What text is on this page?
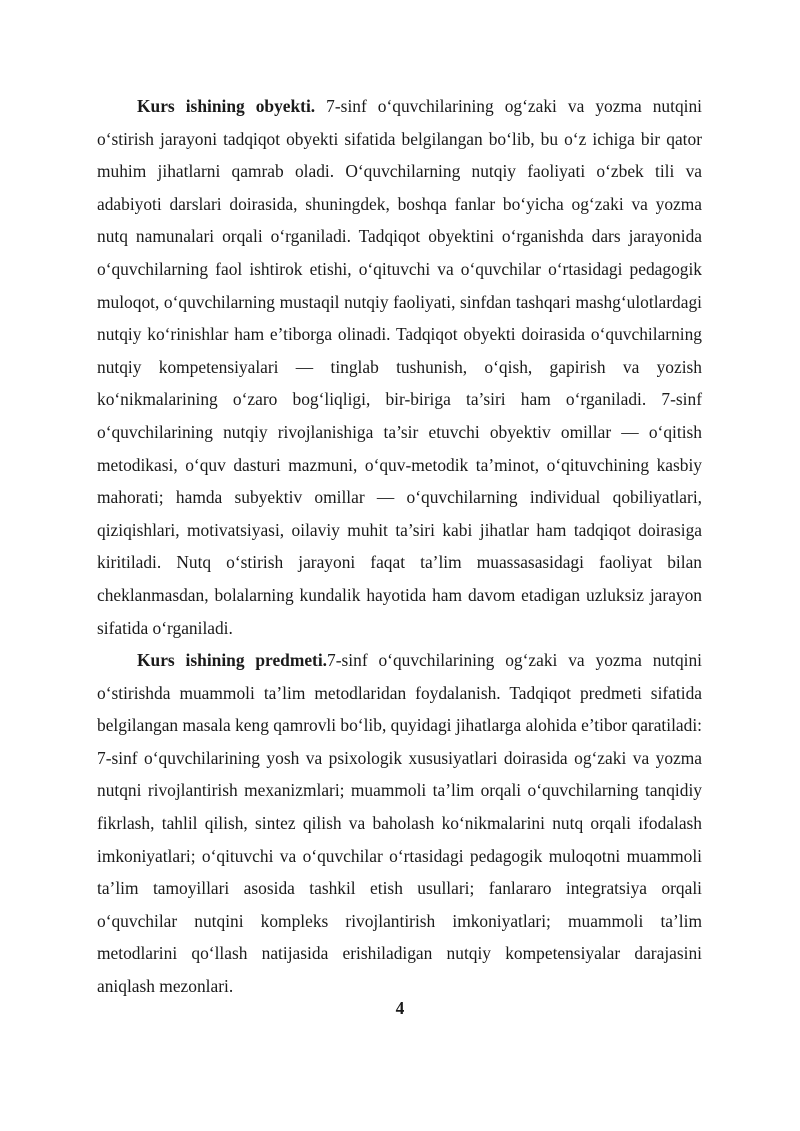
Kurs ishining obyekti. 7-sinf o‘quvchilarining og‘zaki va yozma nutqini o‘stirish jarayoni tadqiqot obyekti sifatida belgilangan bo‘lib, bu o‘z ichiga bir qator muhim jihatlarni qamrab oladi. O‘quvchilarning nutqiy faoliyati o‘zbek tili va adabiyoti darslari doirasida, shuningdek, boshqa fanlar bo‘yicha og‘zaki va yozma nutq namunalari orqali o‘rganiladi. Tadqiqot obyektini o‘rganishda dars jarayonida o‘quvchilarning faol ishtirok etishi, o‘qituvchi va o‘quvchilar o‘rtasidagi pedagogik muloqot, o‘quvchilarning mustaqil nutqiy faoliyati, sinfdan tashqari mashg‘ulotlardagi nutqiy ko‘rinishlar ham e’tiborga olinadi. Tadqiqot obyekti doirasida o‘quvchilarning nutqiy kompetensiyalari — tinglab tushunish, o‘qish, gapirish va yozish ko‘nikmalarining o‘zaro bog‘liqligi, bir-biriga ta’siri ham o‘rganiladi. 7-sinf o‘quvchilarining nutqiy rivojlanishiga ta’sir etuvchi obyektiv omillar — o‘qitish metodikasi, o‘quv dasturi mazmuni, o‘quv-metodik ta’minot, o‘qituvchining kasbiy mahorati; hamda subyektiv omillar — o‘quvchilarning individual qobiliyatlari, qiziqishlari, motivatsiyasi, oilaviy muhit ta’siri kabi jihatlar ham tadqiqot doirasiga kiritiladi. Nutq o‘stirish jarayoni faqat ta’lim muassasasidagi faoliyat bilan cheklanmasdan, bolalarning kundalik hayotida ham davom etadigan uzluksiz jarayon sifatida o‘rganiladi.

Kurs ishining predmeti.7-sinf o‘quvchilarining og‘zaki va yozma nutqini o‘stirishda muammoli ta’lim metodlaridan foydalanish. Tadqiqot predmeti sifatida belgilangan masala keng qamrovli bo‘lib, quyidagi jihatlarga alohida e’tibor qaratiladi: 7-sinf o‘quvchilarining yosh va psixologik xususiyatlari doirasida og‘zaki va yozma nutqni rivojlantirish mexanizmlari; muammoli ta’lim orqali o‘quvchilarning tanqidiy fikrlash, tahlil qilish, sintez qilish va baholash ko‘nikmalarini nutq orqali ifodalash imkoniyatlari; o‘qituvchi va o‘quvchilar o‘rtasidagi pedagogik muloqotni muammoli ta’lim tamoyillari asosida tashkil etish usullari; fanlararo integratsiya orqali o‘quvchilar nutqini kompleks rivojlantirish imkoniyatlari; muammoli ta’lim metodlarini qo‘llash natijasida erishiladigan nutqiy kompetensiyalar darajasini aniqlash mezonlari.

4
